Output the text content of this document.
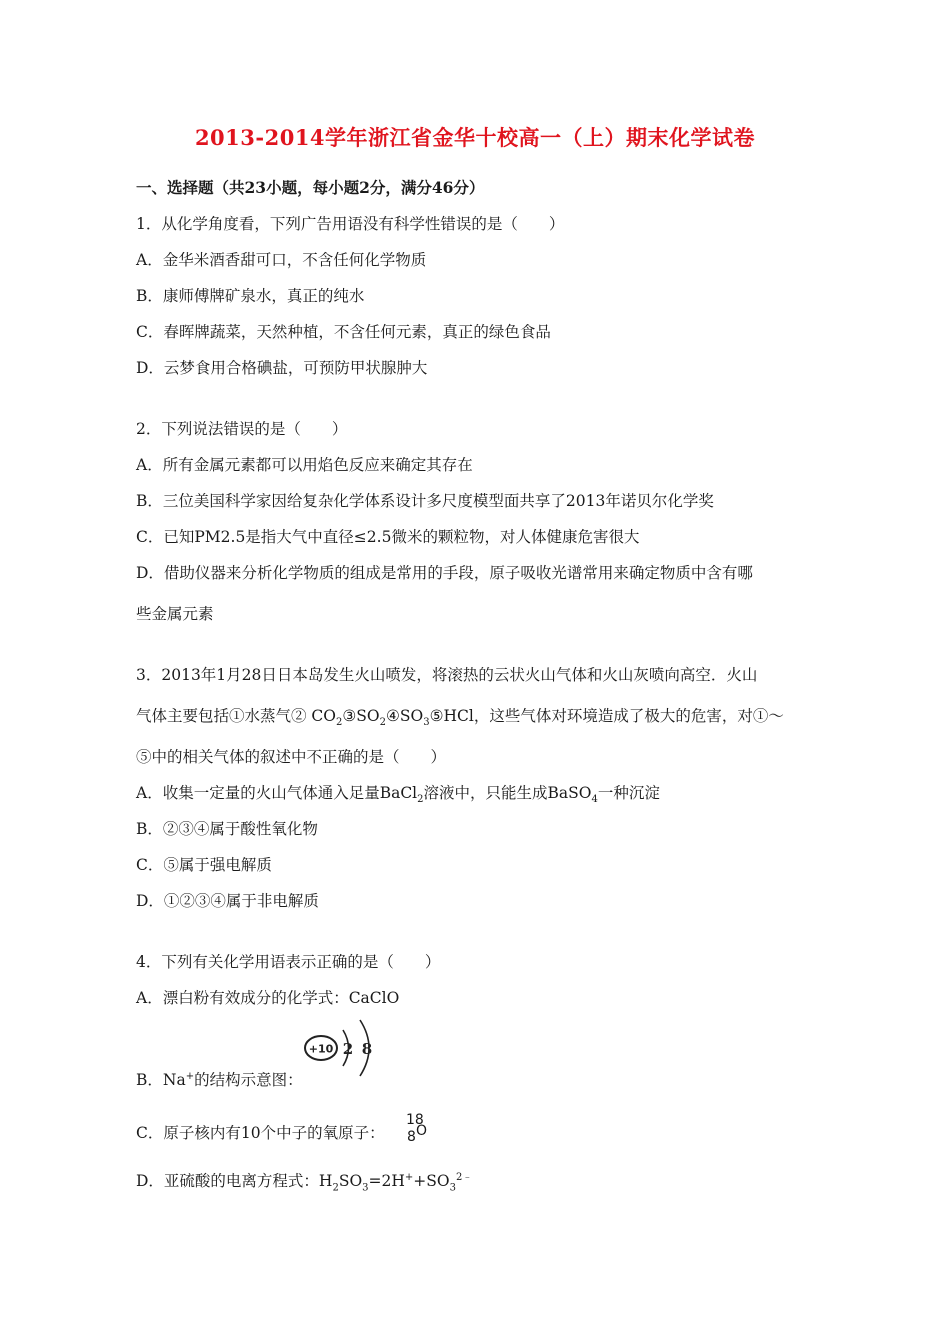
2013-2014学年浙江省金华十校高一（上）期末化学试卷
一、选择题（共23小题，每小题2分，满分46分）
1．从化学角度看，下列广告用语没有科学性错误的是（　　）
A．金华米酒香甜可口，不含任何化学物质
B．康师傅牌矿泉水，真正的纯水
C．春晖牌蔬菜，天然种植，不含任何元素，真正的绿色食品
D．云梦食用合格碘盐，可预防甲状腺肿大
2．下列说法错误的是（　　）
A．所有金属元素都可以用焰色反应来确定其存在
B．三位美国科学家因给复杂化学体系设计多尺度模型面共享了2013年诺贝尔化学奖
C．已知PM2.5是指大气中直径≤2.5微米的颗粒物，对人体健康危害很大
D．借助仪器来分析化学物质的组成是常用的手段，原子吸收光谱常用来确定物质中含有哪
些金属元素
3．2013年1月28日日本岛发生火山喷发，将滚热的云状火山气体和火山灰喷向高空．火山
气体主要包括①水蒸气② $CO_2③SO_2④SO_3⑤HCl$，这些气体对环境造成了极大的危害，对①～
⑤中的相关气体的叙述中不正确的是（　　）
A．收集一定量的火山气体通入足量BaCl$_2$溶液中，只能生成BaSO$_4$一种沉淀
B．②③④属于酸性氧化物
C．⑤属于强电解质
D．①②③④属于非电解质
4．下列有关化学用语表示正确的是（　　）
A．漂白粉有效成分的化学式：CaClO
+10 2 8
B．Na+的结构示意图：
C．原子核内有10个中子的氧原子：
18
8 O
D．亚硫酸的电离方程式：$H_2SO_3=2H^++SO_3^{2﹣}$
